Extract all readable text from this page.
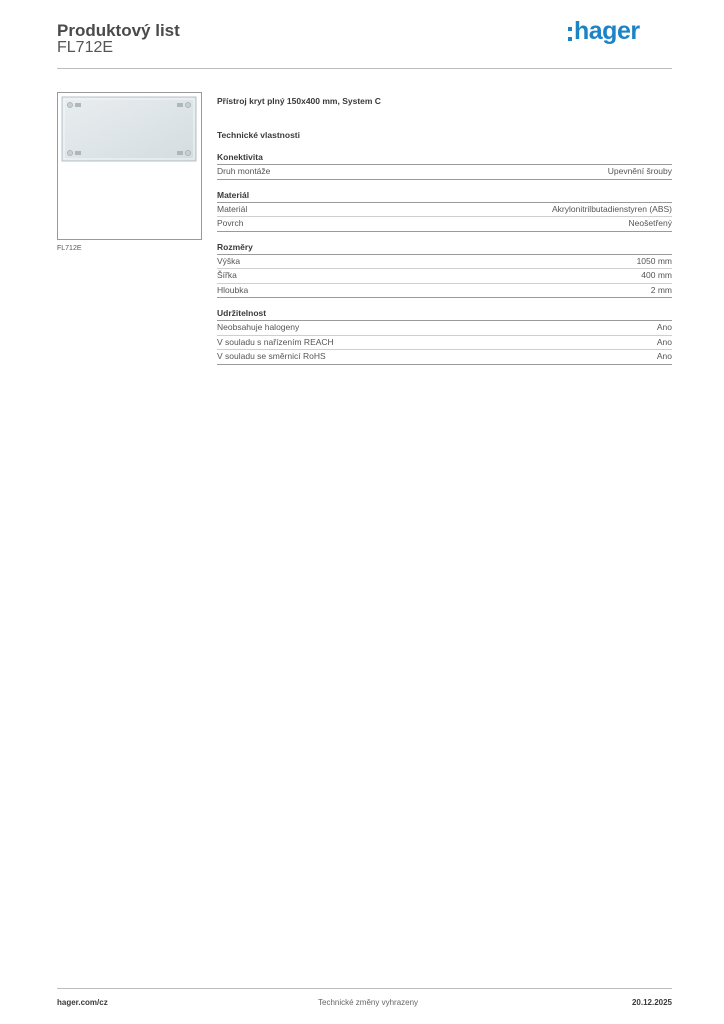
Produktový list
FL712E
hager
FL712E
Přístroj kryt plný 150x400 mm, System C
Technické vlastnosti
Konektivita
Druh montáže	Upevnění šrouby
Materiál
Materiál	Akrylonitrilbutadienstyren (ABS)
Povrch	Neošetřený
Rozměry
Výška	1050 mm
Šířka	400 mm
Hloubka	2 mm
Udržitelnost
Neobsahuje halogeny	Ano
V souladu s nařízením REACH	Ano
V souladu se směrnicí RoHS	Ano
hager.com/cz	Technické změny vyhrazeny	20.12.2025
